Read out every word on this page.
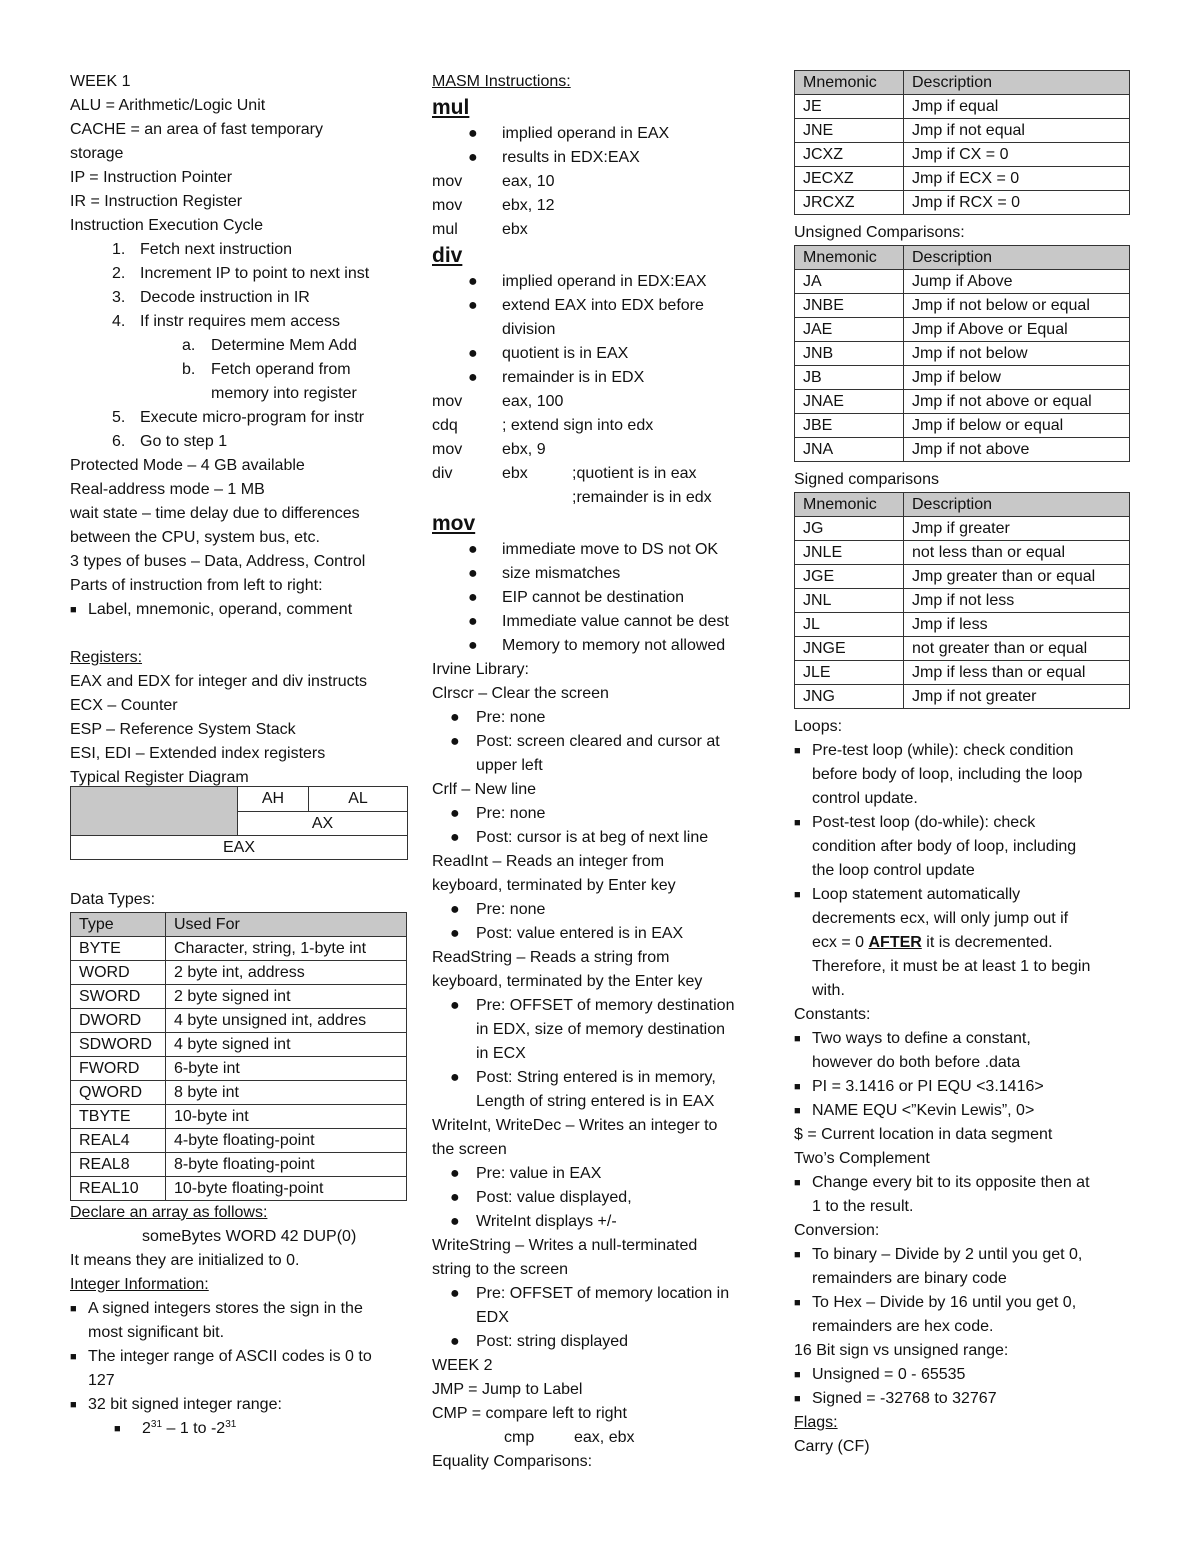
WEEK 1
ALU = Arithmetic/Logic Unit
CACHE = an area of fast temporary
storage
IP = Instruction Pointer
IR = Instruction Register
Instruction Execution Cycle
1. Fetch next instruction
2. Increment IP to point to next inst
3. Decode instruction in IR
4. If instr requires mem access
a. Determine Mem Add
b. Fetch operand from
memory into register
5. Execute micro-program for instr
6. Go to step 1
Protected Mode – 4 GB available
Real-address mode – 1 MB
wait state – time delay due to differences
between the CPU, system bus, etc.
3 types of buses – Data, Address, Control
Parts of instruction from left to right:
■ Label, mnemonic, operand, comment
Registers:
EAX and EDX for integer and div instructs
ECX – Counter
ESP – Reference System Stack
ESI, EDI – Extended index registers
Typical Register Diagram
	AH	AL
AX
EAX
Data Types:
Type	Used For
BYTE	Character, string, 1-byte int
WORD	2 byte int, address
SWORD	2 byte signed int
DWORD	4 byte unsigned int, addres
SDWORD	4 byte signed int
FWORD	6-byte int
QWORD	8 byte int
TBYTE	10-byte int
REAL4	4-byte floating-point
REAL8	8-byte floating-point
REAL10	10-byte floating-point
Declare an array as follows:
someBytes WORD 42 DUP(0)
It means they are initialized to 0.
Integer Information:
■ A signed integers stores the sign in the
most significant bit.
■ The integer range of ASCII codes is 0 to
127
■ 32 bit signed integer range:
■ $2^{31} - 1$ to $-2^{31}$
MASM Instructions:
mul
● implied operand in EAX
● results in EDX:EAX
mov eax, 10
mov ebx, 12
mul	ebx
div
● implied operand in EDX:EAX
● extend EAX into EDX before
division
● quotient is in EAX
● remainder is in EDX
mov eax, 100
cdq	; extend sign into edx
mov ebx, 9
div	ebx	;quotient is in eax
;remainder is in edx
mov
● immediate move to DS not OK
● size mismatches
● EIP cannot be destination
● Immediate value cannot be dest
● Memory to memory not allowed
Irvine Library:
Clrscr – Clear the screen
● Pre: none
● Post: screen cleared and cursor at
upper left
Crlf – New line
● Pre: none
● Post: cursor is at beg of next line
ReadInt – Reads an integer from
keyboard, terminated by Enter key
● Pre: none
● Post: value entered is in EAX
ReadString – Reads a string from
keyboard, terminated by the Enter key
● Pre: OFFSET of memory destination
in EDX, size of memory destination
in ECX
● Post: String entered is in memory,
Length of string entered is in EAX
WriteInt, WriteDec – Writes an integer to
the screen
● Pre: value in EAX
● Post: value displayed,
● WriteInt displays +/-
WriteString – Writes a null-terminated
string to the screen
● Pre: OFFSET of memory location in
EDX
● Post: string displayed
WEEK 2
JMP = Jump to Label
CMP = compare left to right
cmp eax, ebx
Equality Comparisons:
Mnemonic	Description
JE	Jmp if equal
JNE	Jmp if not equal
JCXZ	Jmp if CX = 0
JECXZ	Jmp if ECX = 0
JRCXZ	Jmp if RCX = 0
Unsigned Comparisons:
Mnemonic	Description
JA	Jump if Above
JNBE	Jmp if not below or equal
JAE	Jmp if Above or Equal
JNB	Jmp if not below
JB	Jmp if below
JNAE	Jmp if not above or equal
JBE	Jmp if below or equal
JNA	Jmp if not above
Signed comparisons
Mnemonic	Description
JG	Jmp if greater
JNLE	not less than or equal
JGE	Jmp greater than or equal
JNL	Jmp if not less
JL	Jmp if less
JNGE	not greater than or equal
JLE	Jmp if less than or equal
JNG	Jmp if not greater
Loops:
■ Pre-test loop (while): check condition
before body of loop, including the loop
control update.
■ Post-test loop (do-while): check
condition after body of loop, including
the loop control update
■ Loop statement automatically
decrements ecx, will only jump out if
ecx = 0 AFTER it is decremented.
Therefore, it must be at least 1 to begin
with.
Constants:
■ Two ways to define a constant,
however do both before .data
■ PI = 3.1416 or PI EQU <3.1416>
■ NAME EQU <”Kevin Lewis”, 0>
$ = Current location in data segment
Two’s Complement
■ Change every bit to its opposite then at
1 to the result.
Conversion:
■ To binary – Divide by 2 until you get 0,
remainders are binary code
■ To Hex – Divide by 16 until you get 0,
remainders are hex code.
16 Bit sign vs unsigned range:
■ Unsigned = 0 - 65535
■ Signed = -32768 to 32767
Flags:
Carry (CF)
